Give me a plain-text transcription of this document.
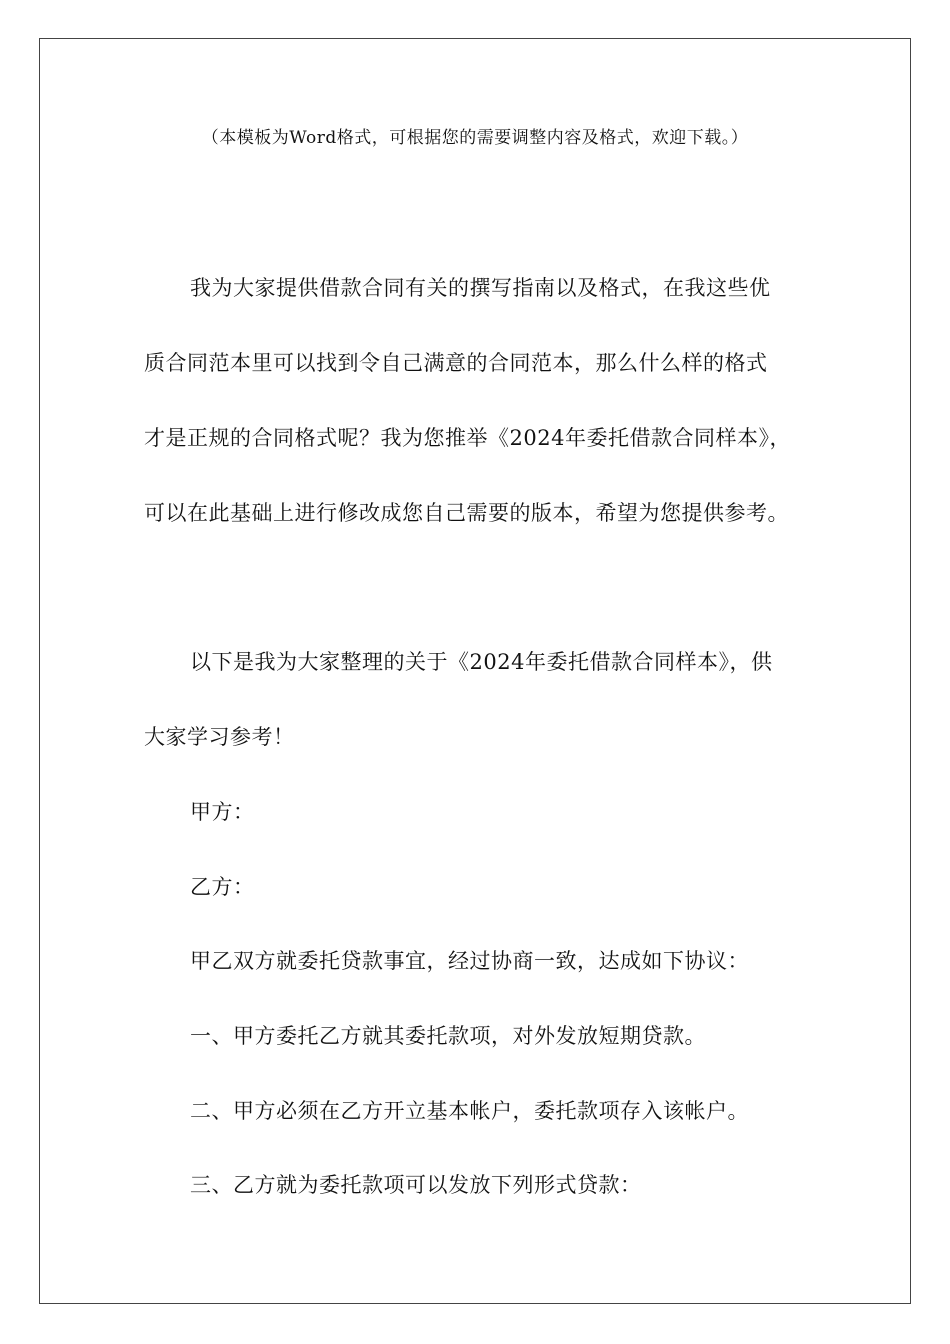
（本模板为Word格式，可根据您的需要调整内容及格式，欢迎下载。）
我为大家提供借款合同有关的撰写指南以及格式，在我这些优
质合同范本里可以找到令自己满意的合同范本，那么什么样的格式
才是正规的合同格式呢？我为您推举《2024年委托借款合同样本》，
可以在此基础上进行修改成您自己需要的版本，希望为您提供参考。
以下是我为大家整理的关于《2024年委托借款合同样本》，供
大家学习参考！
甲方：
乙方：
甲乙双方就委托贷款事宜，经过协商一致，达成如下协议：
一、甲方委托乙方就其委托款项，对外发放短期贷款。
二、甲方必须在乙方开立基本帐户，委托款项存入该帐户。
三、乙方就为委托款项可以发放下列形式贷款：
